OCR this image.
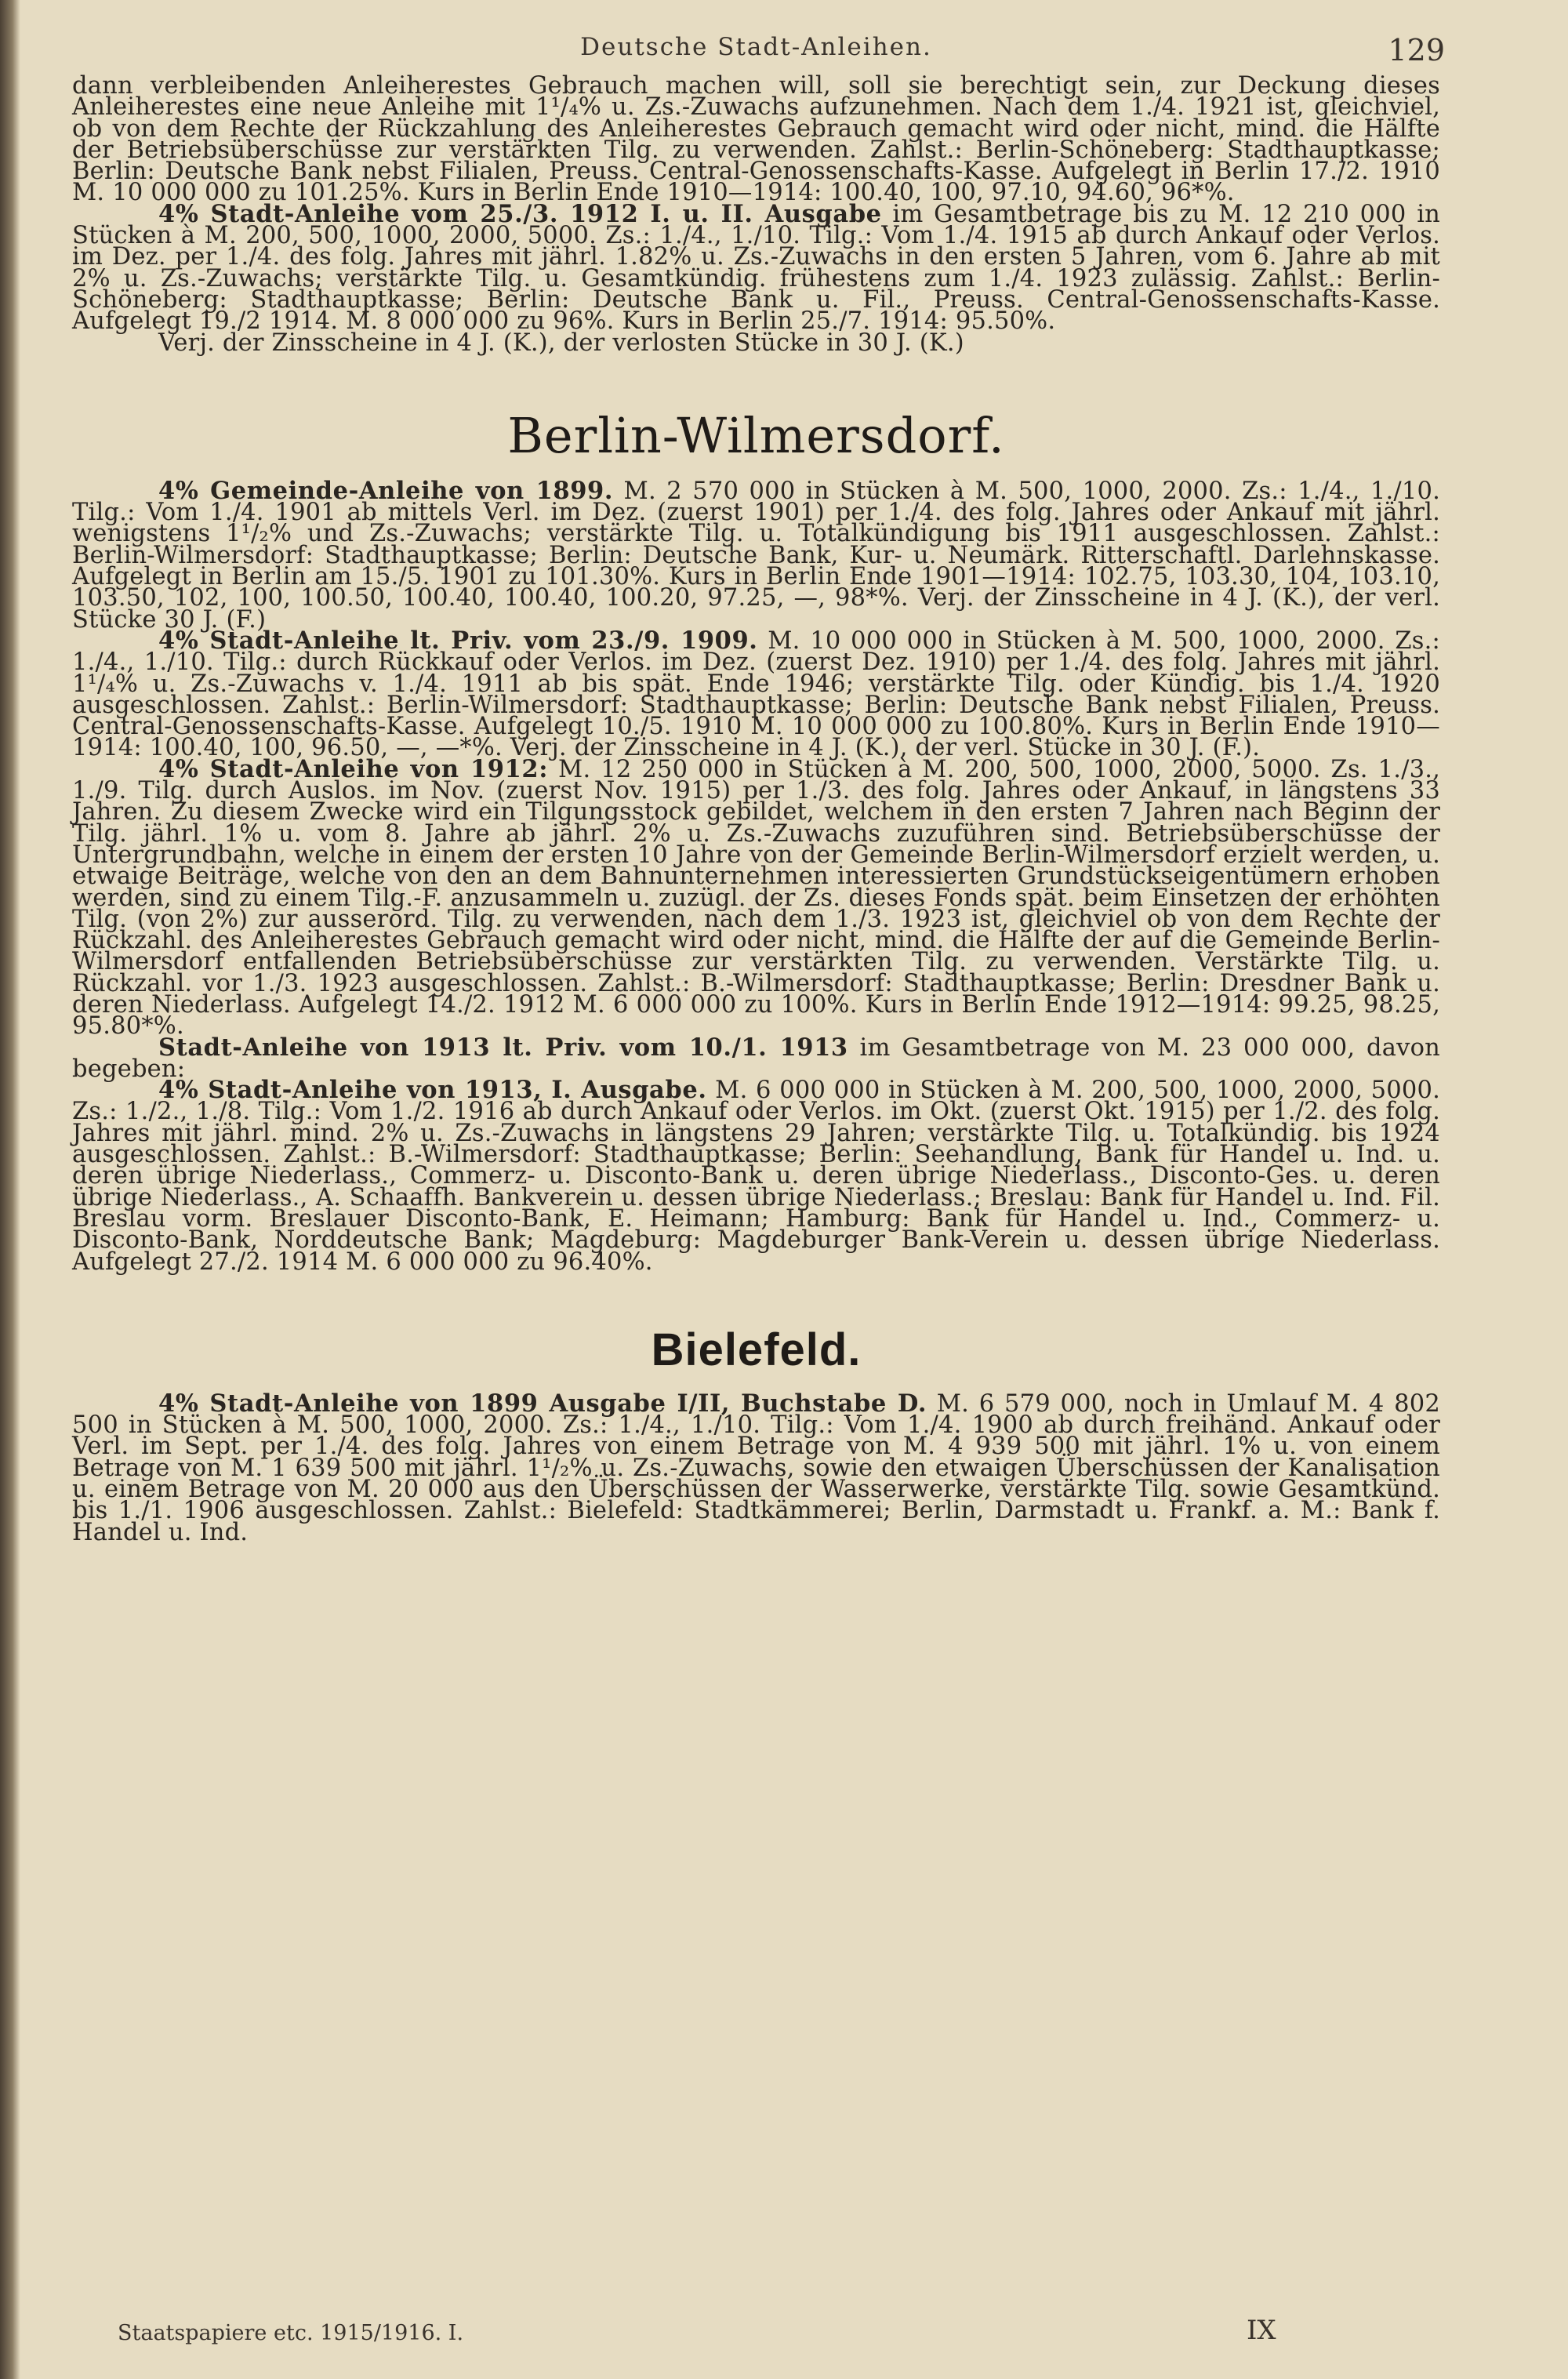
Deutsche Stadt-Anleihen.	129

dann verbleibenden Anleiherestes Gebrauch machen will, soll sie berechtigt sein, zur Deckung dieses Anleiherestes eine neue Anleihe mit 1¹/₄% u. Zs.-Zuwachs aufzunehmen. Nach dem 1./4. 1921 ist, gleichviel, ob von dem Rechte der Rückzahlung des Anleiherestes Gebrauch gemacht wird oder nicht, mind. die Hälfte der Betriebsüberschüsse zur verstärkten Tilg. zu verwenden. Zahlst.: Berlin-Schöneberg: Stadthauptkasse; Berlin: Deutsche Bank nebst Filialen, Preuss. Central-Genossenschafts-Kasse. Aufgelegt in Berlin 17./2. 1910 M. 10 000 000 zu 101.25%. Kurs in Berlin Ende 1910—1914: 100.40, 100, 97.10, 94.60, 96*%.

4% Stadt-Anleihe vom 25./3. 1912 I. u. II. Ausgabe im Gesamtbetrage bis zu M. 12 210 000 in Stücken à M. 200, 500, 1000, 2000, 5000. Zs.: 1./4., 1./10. Tilg.: Vom 1./4. 1915 ab durch Ankauf oder Verlos. im Dez. per 1./4. des folg. Jahres mit jährl. 1.82% u. Zs.-Zuwachs in den ersten 5 Jahren, vom 6. Jahre ab mit 2% u. Zs.-Zuwachs; verstärkte Tilg. u. Gesamtkündig. frühestens zum 1./4. 1923 zulässig. Zahlst.: Berlin-Schöneberg: Stadthauptkasse; Berlin: Deutsche Bank u. Fil., Preuss. Central-Genossenschafts-Kasse. Aufgelegt 19./2 1914. M. 8 000 000 zu 96%. Kurs in Berlin 25./7. 1914: 95.50%.

Verj. der Zinsscheine in 4 J. (K.), der verlosten Stücke in 30 J. (K.)

Berlin-Wilmersdorf.

4% Gemeinde-Anleihe von 1899. M. 2 570 000 in Stücken à M. 500, 1000, 2000. Zs.: 1./4., 1./10. Tilg.: Vom 1./4. 1901 ab mittels Verl. im Dez. (zuerst 1901) per 1./4. des folg. Jahres oder Ankauf mit jährl. wenigstens 1¹/₂% und Zs.-Zuwachs; verstärkte Tilg. u. Totalkündigung bis 1911 ausgeschlossen. Zahlst.: Berlin-Wilmersdorf: Stadthauptkasse; Berlin: Deutsche Bank, Kur- u. Neumärk. Ritterschaftl. Darlehnskasse. Aufgelegt in Berlin am 15./5. 1901 zu 101.30%. Kurs in Berlin Ende 1901—1914: 102.75, 103.30, 104, 103.10, 103.50, 102, 100, 100.50, 100.40, 100.40, 100.20, 97.25, —, 98*%. Verj. der Zinsscheine in 4 J. (K.), der verl. Stücke 30 J. (F.)

4% Stadt-Anleihe lt. Priv. vom 23./9. 1909. M. 10 000 000 in Stücken à M. 500, 1000, 2000. Zs.: 1./4., 1./10. Tilg.: durch Rückkauf oder Verlos. im Dez. (zuerst Dez. 1910) per 1./4. des folg. Jahres mit jährl. 1¹/₄% u. Zs.-Zuwachs v. 1./4. 1911 ab bis spät. Ende 1946; verstärkte Tilg. oder Kündig. bis 1./4. 1920 ausgeschlossen. Zahlst.: Berlin-Wilmersdorf: Stadthauptkasse; Berlin: Deutsche Bank nebst Filialen, Preuss. Central-Genossenschafts-Kasse. Aufgelegt 10./5. 1910 M. 10 000 000 zu 100.80%. Kurs in Berlin Ende 1910—1914: 100.40, 100, 96.50, —, —*%. Verj. der Zinsscheine in 4 J. (K.), der verl. Stücke in 30 J. (F.).

4% Stadt-Anleihe von 1912: M. 12 250 000 in Stücken à M. 200, 500, 1000, 2000, 5000. Zs. 1./3., 1./9. Tilg. durch Auslos. im Nov. (zuerst Nov. 1915) per 1./3. des folg. Jahres oder Ankauf, in längstens 33 Jahren. Zu diesem Zwecke wird ein Tilgungsstock gebildet, welchem in den ersten 7 Jahren nach Beginn der Tilg. jährl. 1% u. vom 8. Jahre ab jährl. 2% u. Zs.-Zuwachs zuzuführen sind. Betriebsüberschüsse der Untergrundbahn, welche in einem der ersten 10 Jahre von der Gemeinde Berlin-Wilmersdorf erzielt werden, u. etwaige Beiträge, welche von den an dem Bahnunternehmen interessierten Grundstückseigentümern erhoben werden, sind zu einem Tilg.-F. anzusammeln u. zuzügl. der Zs. dieses Fonds spät. beim Einsetzen der erhöhten Tilg. (von 2%) zur ausserord. Tilg. zu verwenden, nach dem 1./3. 1923 ist, gleichviel ob von dem Rechte der Rückzahl. des Anleiherestes Gebrauch gemacht wird oder nicht, mind. die Hälfte der auf die Gemeinde Berlin-Wilmersdorf entfallenden Betriebsüberschüsse zur verstärkten Tilg. zu verwenden. Verstärkte Tilg. u. Rückzahl. vor 1./3. 1923 ausgeschlossen. Zahlst.: B.-Wilmersdorf: Stadthauptkasse; Berlin: Dresdner Bank u. deren Niederlass. Aufgelegt 14./2. 1912 M. 6 000 000 zu 100%. Kurs in Berlin Ende 1912—1914: 99.25, 98.25, 95.80*%.

Stadt-Anleihe von 1913 lt. Priv. vom 10./1. 1913 im Gesamtbetrage von M. 23 000 000, davon begeben:

4% Stadt-Anleihe von 1913, I. Ausgabe. M. 6 000 000 in Stücken à M. 200, 500, 1000, 2000, 5000. Zs.: 1./2., 1./8. Tilg.: Vom 1./2. 1916 ab durch Ankauf oder Verlos. im Okt. (zuerst Okt. 1915) per 1./2. des folg. Jahres mit jährl. mind. 2% u. Zs.-Zuwachs in längstens 29 Jahren; verstärkte Tilg. u. Totalkündig. bis 1924 ausgeschlossen. Zahlst.: B.-Wilmersdorf: Stadthauptkasse; Berlin: Seehandlung, Bank für Handel u. Ind. u. deren übrige Niederlass., Commerz- u. Disconto-Bank u. deren übrige Niederlass., Disconto-Ges. u. deren übrige Niederlass., A. Schaaffh. Bankverein u. dessen übrige Niederlass.; Breslau: Bank für Handel u. Ind. Fil. Breslau vorm. Breslauer Disconto-Bank, E. Heimann; Hamburg: Bank für Handel u. Ind., Commerz- u. Disconto-Bank, Norddeutsche Bank; Magdeburg: Magdeburger Bank-Verein u. dessen übrige Niederlass. Aufgelegt 27./2. 1914 M. 6 000 000 zu 96.40%.

Bielefeld.

4% Stadt-Anleihe von 1899 Ausgabe I/II, Buchstabe D. M. 6 579 000, noch in Umlauf M. 4 802 500 in Stücken à M. 500, 1000, 2000. Zs.: 1./4., 1./10. Tilg.: Vom 1./4. 1900 ab durch freihänd. Ankauf oder Verl. im Sept. per 1./4. des folg. Jahres von einem Betrage von M. 4 939 500 mit jährl. 1% u. von einem Betrage von M. 1 639 500 mit jährl. 1¹/₂% u. Zs.-Zuwachs, sowie den etwaigen Überschüssen der Kanalisation u. einem Betrage von M. 20 000 aus den Überschüssen der Wasserwerke, verstärkte Tilg. sowie Gesamtkünd. bis 1./1. 1906 ausgeschlossen. Zahlst.: Bielefeld: Stadtkämmerei; Berlin, Darmstadt u. Frankf. a. M.: Bank f. Handel u. Ind.

Staatspapiere etc. 1915/1916. I.	IX
